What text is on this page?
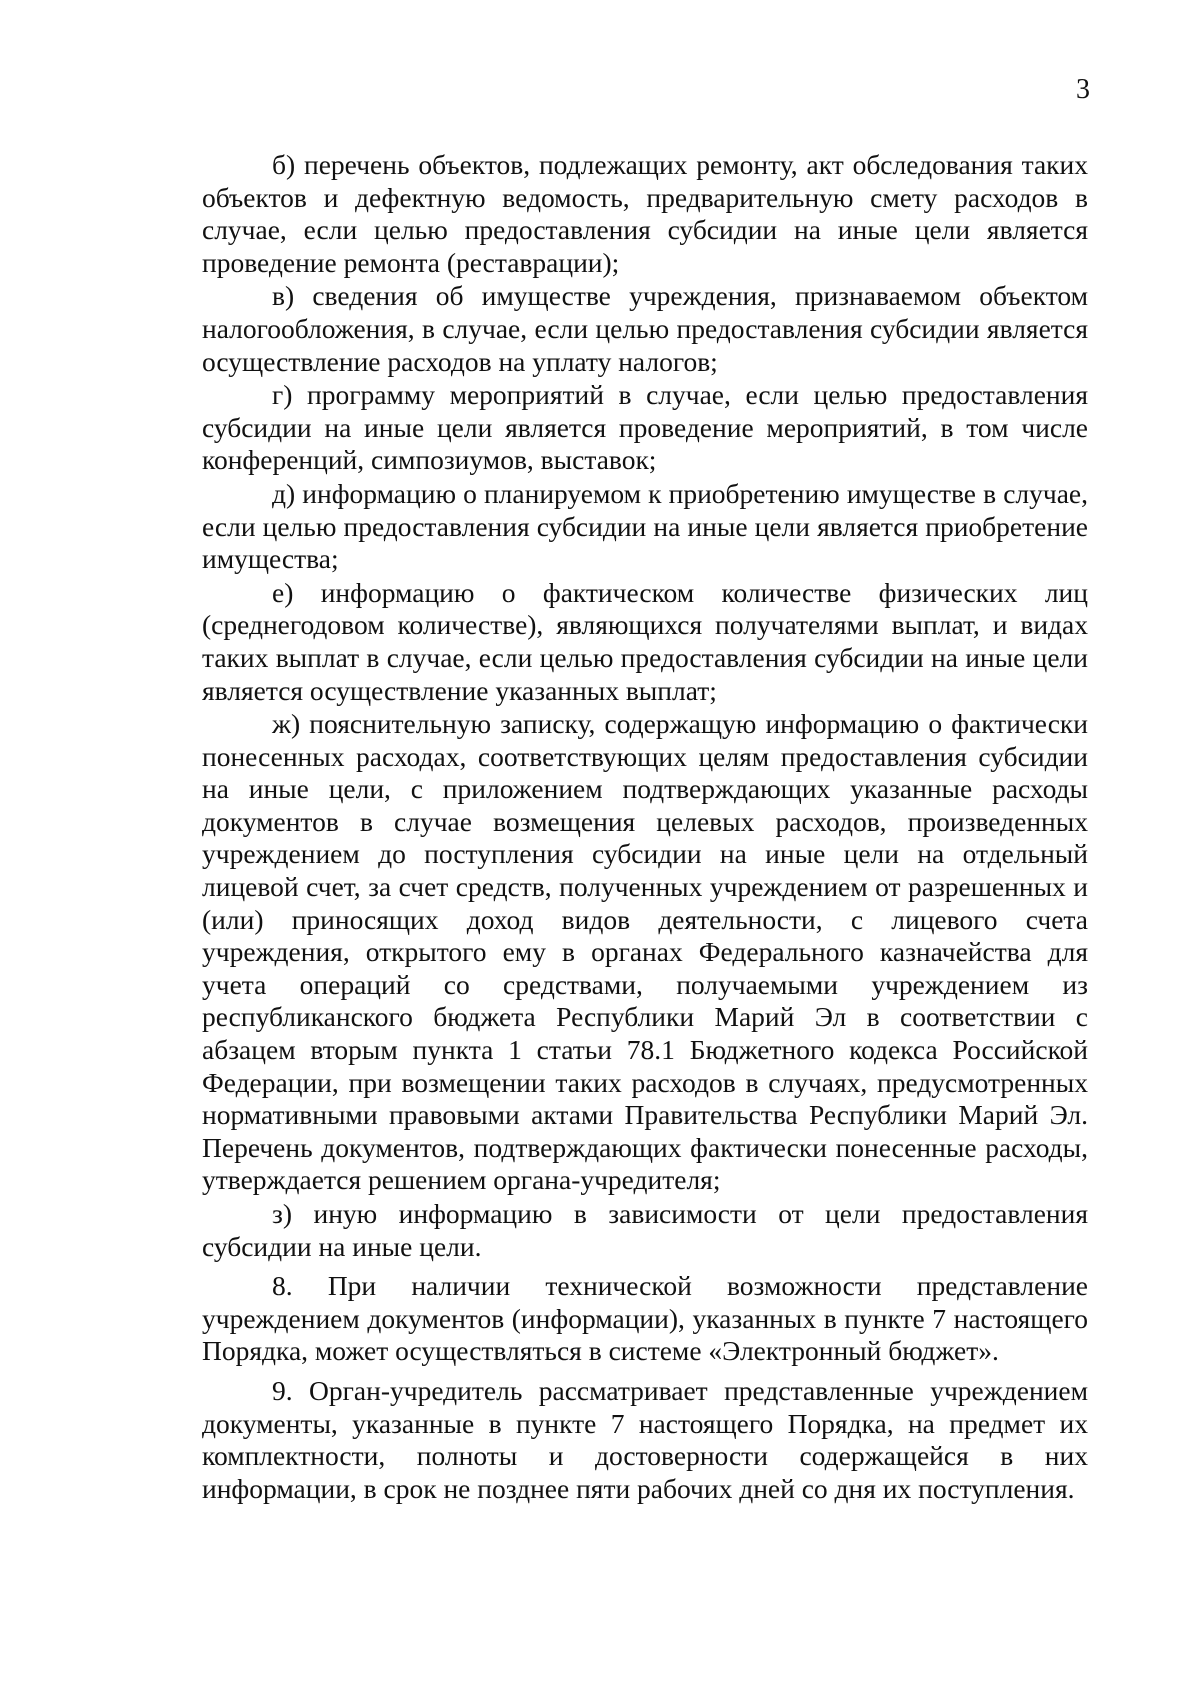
3

б) перечень объектов, подлежащих ремонту, акт обследования таких объектов и дефектную ведомость, предварительную смету расходов в случае, если целью предоставления субсидии на иные цели является проведение ремонта (реставрации);

в) сведения об имуществе учреждения, признаваемом объектом налогообложения, в случае, если целью предоставления субсидии является осуществление расходов на уплату налогов;

г) программу мероприятий в случае, если целью предоставления субсидии на иные цели является проведение мероприятий, в том числе конференций, симпозиумов, выставок;

д) информацию о планируемом к приобретению имуществе в случае, если целью предоставления субсидии на иные цели является приобретение имущества;

е) информацию о фактическом количестве физических лиц (среднегодовом количестве), являющихся получателями выплат, и видах таких выплат в случае, если целью предоставления субсидии на иные цели является осуществление указанных выплат;

ж) пояснительную записку, содержащую информацию о фактически понесенных расходах, соответствующих целям предоставления субсидии на иные цели, с приложением подтверждающих указанные расходы документов в случае возмещения целевых расходов, произведенных учреждением до поступления субсидии на иные цели на отдельный лицевой счет, за счет средств, полученных учреждением от разрешенных и (или) приносящих доход видов деятельности, с лицевого счета учреждения, открытого ему в органах Федерального казначейства для учета операций со средствами, получаемыми учреждением из республиканского бюджета Республики Марий Эл в соответствии с абзацем вторым пункта 1 статьи 78.1 Бюджетного кодекса Российской Федерации, при возмещении таких расходов в случаях, предусмотренных нормативными правовыми актами Правительства Республики Марий Эл. Перечень документов, подтверждающих фактически понесенные расходы, утверждается решением органа-учредителя;

з) иную информацию в зависимости от цели предоставления субсидии на иные цели.

8. При наличии технической возможности представление учреждением документов (информации), указанных в пункте 7 настоящего Порядка, может осуществляться в системе «Электронный бюджет».

9. Орган-учредитель рассматривает представленные учреждением документы, указанные в пункте 7 настоящего Порядка, на предмет их комплектности, полноты и достоверности содержащейся в них информации, в срок не позднее пяти рабочих дней со дня их поступления.
